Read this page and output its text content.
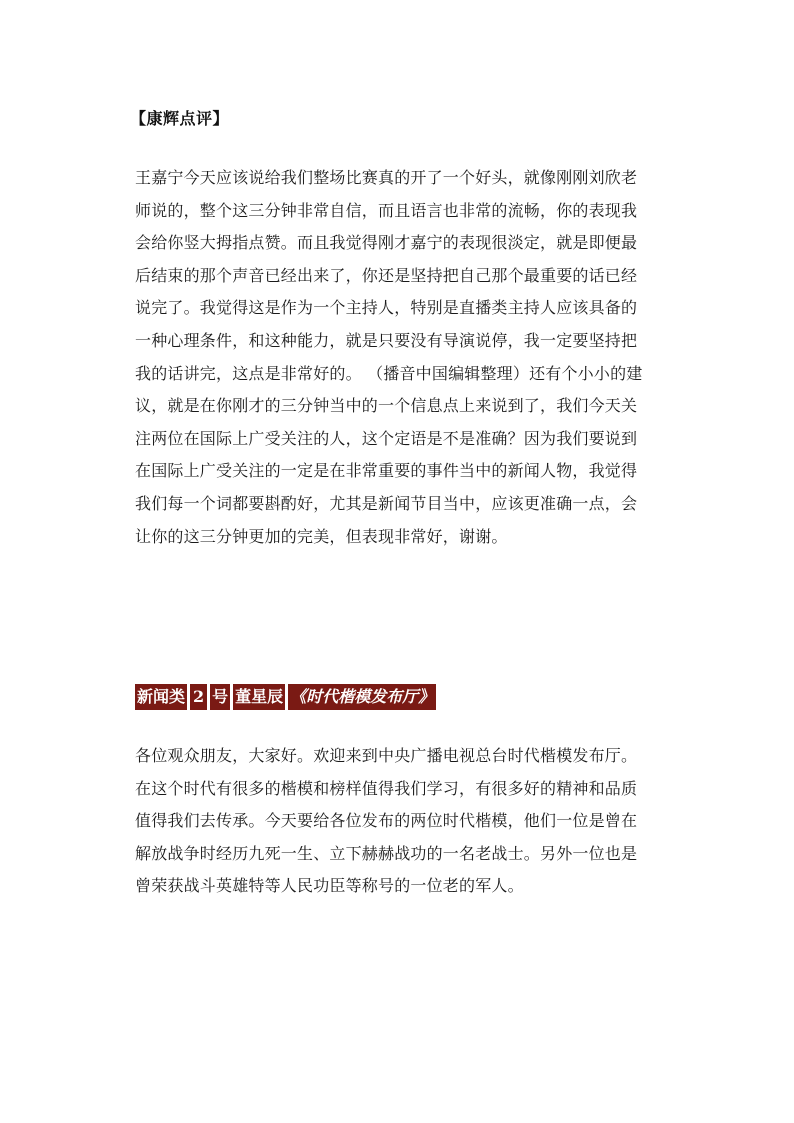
【康辉点评】
王嘉宁今天应该说给我们整场比赛真的开了一个好头，就像刚刚刘欣老
师说的，整个这三分钟非常自信，而且语言也非常的流畅，你的表现我
会给你竖大拇指点赞。而且我觉得刚才嘉宁的表现很淡定，就是即便最
后结束的那个声音已经出来了，你还是坚持把自己那个最重要的话已经
说完了。我觉得这是作为一个主持人，特别是直播类主持人应该具备的
一种心理条件，和这种能力，就是只要没有导演说停，我一定要坚持把
我的话讲完，这点是非常好的。 （播音中国编辑整理）还有个小小的建
议，就是在你刚才的三分钟当中的一个信息点上来说到了，我们今天关
注两位在国际上广受关注的人，这个定语是不是准确？因为我们要说到
在国际上广受关注的一定是在非常重要的事件当中的新闻人物，我觉得
我们每一个词都要斟酌好，尤其是新闻节目当中，应该更准确一点，会
让你的这三分钟更加的完美，但表现非常好，谢谢。
新闻类 2 号 董星辰 《时代楷模发布厅》
各位观众朋友，大家好。欢迎来到中央广播电视总台时代楷模发布厅。
在这个时代有很多的楷模和榜样值得我们学习，有很多好的精神和品质
值得我们去传承。今天要给各位发布的两位时代楷模，他们一位是曾在
解放战争时经历九死一生、立下赫赫战功的一名老战士。另外一位也是
曾荣获战斗英雄特等人民功臣等称号的一位老的军人。
